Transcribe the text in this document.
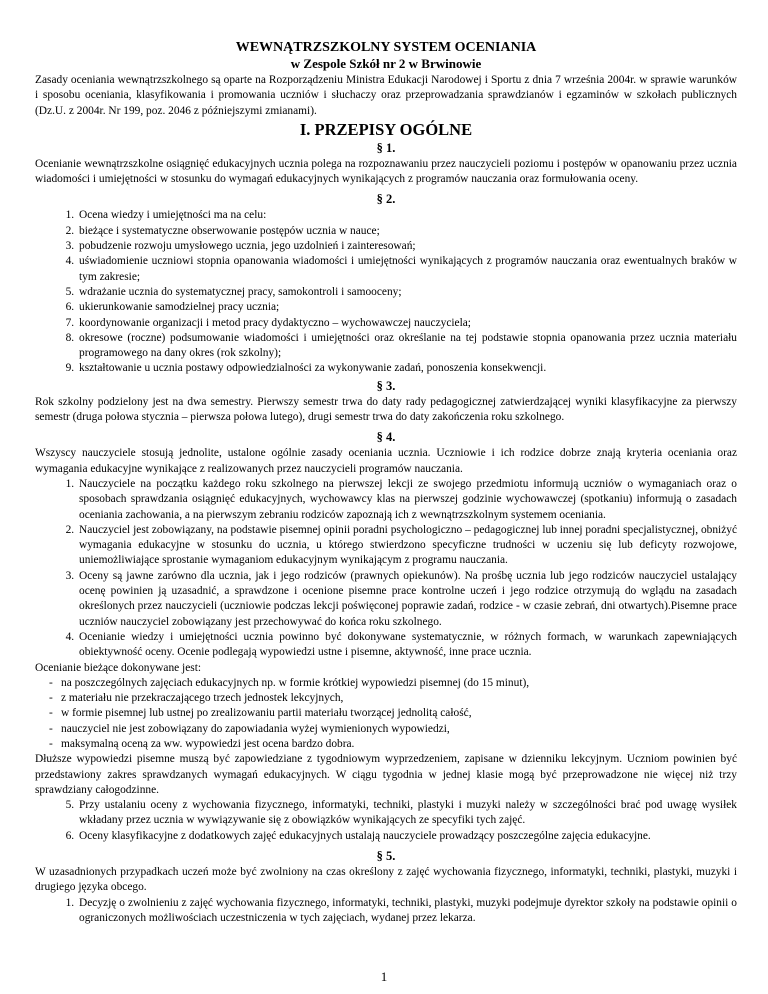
WEWNĄTRZSZKOLNY SYSTEM OCENIANIA
w Zespole Szkół nr 2 w Brwinowie

Zasady oceniania wewnątrzszkolnego są oparte na Rozporządzeniu Ministra Edukacji Narodowej i Sportu z dnia 7 września 2004r. w sprawie warunków i sposobu oceniania, klasyfikowania i promowania uczniów i słuchaczy oraz przeprowadzania sprawdzianów i egzaminów w szkołach publicznych (Dz.U. z 2004r. Nr 199, poz. 2046 z późniejszymi zmianami).

I. PRZEPISY OGÓLNE
§ 1.

Ocenianie wewnątrzszkolne osiągnięć edukacyjnych ucznia polega na rozpoznawaniu przez nauczycieli poziomu i postępów w opanowaniu przez ucznia wiadomości i umiejętności w stosunku do wymagań edukacyjnych wynikających z programów nauczania oraz formułowania oceny.

§ 2.
1. Ocena wiedzy i umiejętności ma na celu:
2. bieżące i systematyczne obserwowanie postępów ucznia w nauce;
3. pobudzenie rozwoju umysłowego ucznia, jego uzdolnień i zainteresowań;
4. uświadomienie uczniowi stopnia opanowania wiadomości i umiejętności wynikających z programów nauczania oraz ewentualnych braków w tym zakresie;
5. wdrażanie ucznia do systematycznej pracy, samokontroli i samooceny;
6. ukierunkowanie samodzielnej pracy ucznia;
7. koordynowanie organizacji i metod pracy dydaktyczno – wychowawczej nauczyciela;
8. okresowe (roczne) podsumowanie wiadomości i umiejętności oraz określanie na tej podstawie stopnia opanowania przez ucznia materiału programowego na dany okres (rok szkolny);
9. kształtowanie u ucznia postawy odpowiedzialności za wykonywanie zadań, ponoszenia konsekwencji.
§ 3.

Rok szkolny podzielony jest na dwa semestry. Pierwszy semestr trwa do daty rady pedagogicznej zatwierdzającej wyniki klasyfikacyjne za pierwszy semestr (druga połowa stycznia – pierwsza połowa lutego), drugi semestr trwa do daty zakończenia roku szkolnego.

§ 4.

Wszyscy nauczyciele stosują jednolite, ustalone ogólnie zasady oceniania ucznia. Uczniowie i ich rodzice dobrze znają kryteria oceniania oraz wymagania edukacyjne wynikające z realizowanych przez nauczycieli programów nauczania.

1. Nauczyciele na początku każdego roku szkolnego na pierwszej lekcji ze swojego przedmiotu informują uczniów o wymaganiach oraz o sposobach sprawdzania osiągnięć edukacyjnych, wychowawcy klas na pierwszej godzinie wychowawczej (spotkaniu) informują o zasadach oceniania zachowania, a na pierwszym zebraniu rodziców zapoznają ich z wewnątrzszkolnym systemem oceniania.
2. Nauczyciel jest zobowiązany, na podstawie pisemnej opinii poradni psychologiczno – pedagogicznej lub innej poradni specjalistycznej, obniżyć wymagania edukacyjne w stosunku do ucznia, u którego stwierdzono specyficzne trudności w uczeniu się lub deficyty rozwojowe, uniemożliwiające sprostanie wymaganiom edukacyjnym wynikającym z programu nauczania.
3. Oceny są jawne zarówno dla ucznia, jak i jego rodziców (prawnych opiekunów). Na prośbę ucznia lub jego rodziców nauczyciel ustalający ocenę powinien ją uzasadnić, a sprawdzone i ocenione pisemne prace kontrolne uczeń i jego rodzice otrzymują do wglądu na zasadach określonych przez nauczycieli (uczniowie podczas lekcji poświęconej poprawie zadań, rodzice - w czasie zebrań, dni otwartych).Pisemne prace uczniów nauczyciel zobowiązany jest przechowywać do końca roku szkolnego.
4. Ocenianie wiedzy i umiejętności ucznia powinno być dokonywane systematycznie, w różnych formach, w warunkach zapewniających obiektywność oceny. Ocenie podlegają wypowiedzi ustne i pisemne, aktywność, inne prace ucznia.

Ocenianie bieżące dokonywane jest:

- na poszczególnych zajęciach edukacyjnych np. w formie krótkiej wypowiedzi pisemnej (do 15 minut),
- z materiału nie przekraczającego trzech jednostek lekcyjnych,
- w formie pisemnej lub ustnej po zrealizowaniu partii materiału tworzącej jednolitą całość,
- nauczyciel nie jest zobowiązany do zapowiadania wyżej wymienionych wypowiedzi,
- maksymalną oceną za ww. wypowiedzi jest ocena bardzo dobra.

Dłuższe wypowiedzi pisemne muszą być zapowiedziane z tygodniowym wyprzedzeniem, zapisane w dzienniku lekcyjnym. Uczniom powinien być przedstawiony zakres sprawdzanych wymagań edukacyjnych. W ciągu tygodnia w jednej klasie mogą być przeprowadzone nie więcej niż trzy sprawdziany całogodzinne.

5. Przy ustalaniu oceny z wychowania fizycznego, informatyki, techniki, plastyki i muzyki należy w szczególności brać pod uwagę wysiłek wkładany przez ucznia w wywiązywanie się z obowiązków wynikających ze specyfiki tych zajęć.
6. Oceny klasyfikacyjne z dodatkowych zajęć edukacyjnych ustalają nauczyciele prowadzący poszczególne zajęcia edukacyjne.
§ 5.

W uzasadnionych przypadkach uczeń może być zwolniony na czas określony z zajęć wychowania fizycznego, informatyki, techniki, plastyki, muzyki i drugiego języka obcego.

1. Decyzję o zwolnieniu z zajęć wychowania fizycznego, informatyki, techniki, plastyki, muzyki podejmuje dyrektor szkoły na podstawie opinii o ograniczonych możliwościach uczestniczenia w tych zajęciach, wydanej przez lekarza.
1
